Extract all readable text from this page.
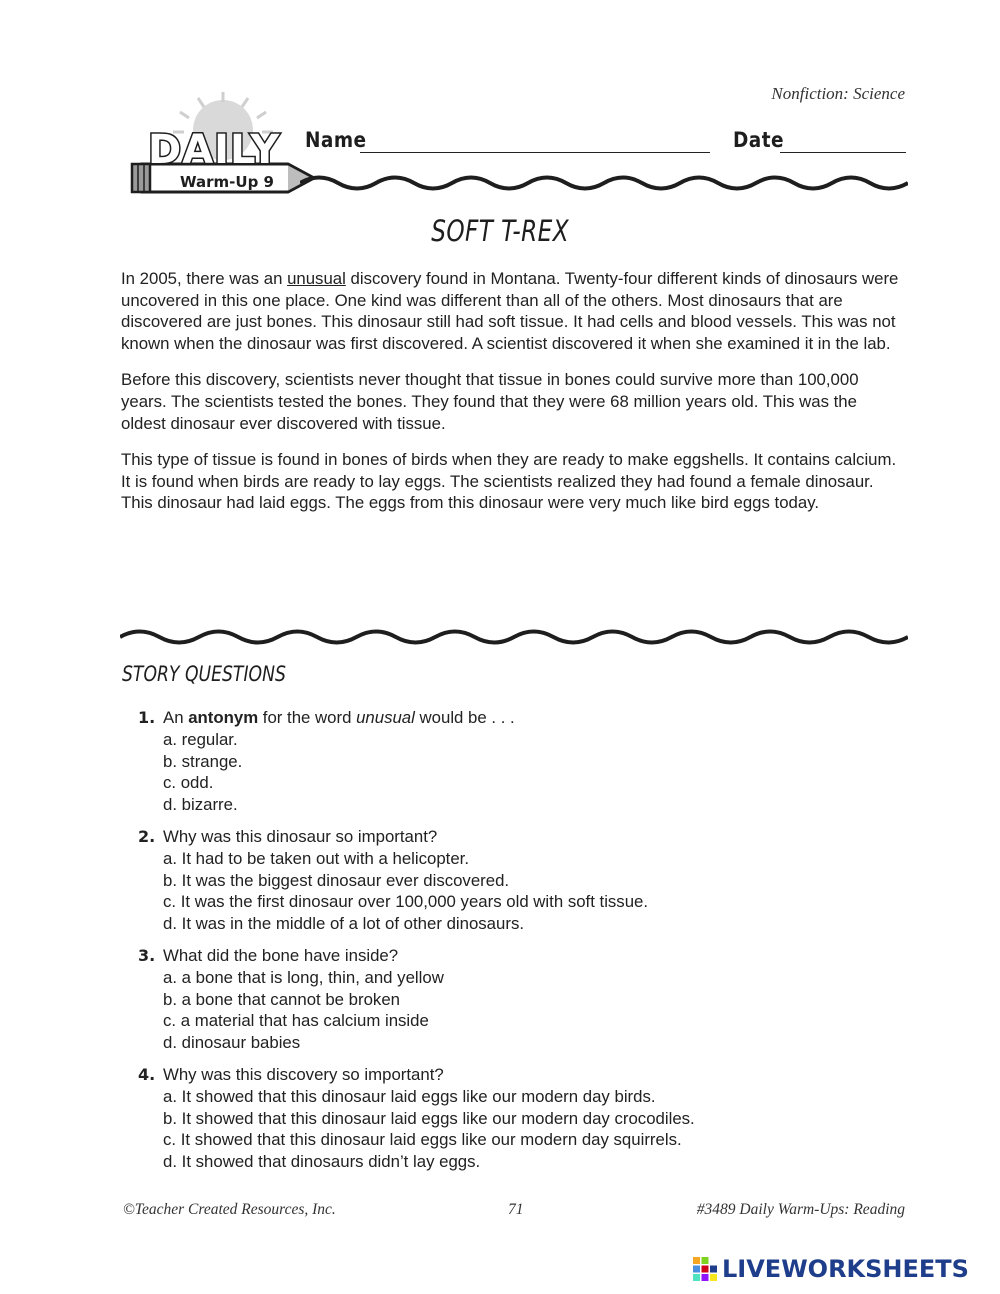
Nonfiction: Science
DAILY
Warm-Up 9
Name	Date
SOFT T-REX

In 2005, there was an unusual discovery found in Montana. Twenty-four different kinds of dinosaurs were uncovered in this one place. One kind was different than all of the others. Most dinosaurs that are discovered are just bones. This dinosaur still had soft tissue. It had cells and blood vessels. This was not known when the dinosaur was first discovered. A scientist discovered it when she examined it in the lab.

Before this discovery, scientists never thought that tissue in bones could survive more than 100,000 years. The scientists tested the bones. They found that they were 68 million years old. This was the oldest dinosaur ever discovered with tissue.

This type of tissue is found in bones of birds when they are ready to make eggshells. It contains calcium. It is found when birds are ready to lay eggs. The scientists realized they had found a female dinosaur. This dinosaur had laid eggs. The eggs from this dinosaur were very much like bird eggs today.

STORY QUESTIONS
1. An antonym for the word unusual would be . . .
a. regular.
b. strange.
c. odd.
d. bizarre.
2. Why was this dinosaur so important?
a. It had to be taken out with a helicopter.
b. It was the biggest dinosaur ever discovered.
c. It was the first dinosaur over 100,000 years old with soft tissue.
d. It was in the middle of a lot of other dinosaurs.
3. What did the bone have inside?
a. a bone that is long, thin, and yellow
b. a bone that cannot be broken
c. a material that has calcium inside
d. dinosaur babies
4. Why was this discovery so important?
a. It showed that this dinosaur laid eggs like our modern day birds.
b. It showed that this dinosaur laid eggs like our modern day crocodiles.
c. It showed that this dinosaur laid eggs like our modern day squirrels.
d. It showed that dinosaurs didn’t lay eggs.
©Teacher Created Resources, Inc.	71	#3489 Daily Warm-Ups: Reading
LIVEWORKSHEETS
